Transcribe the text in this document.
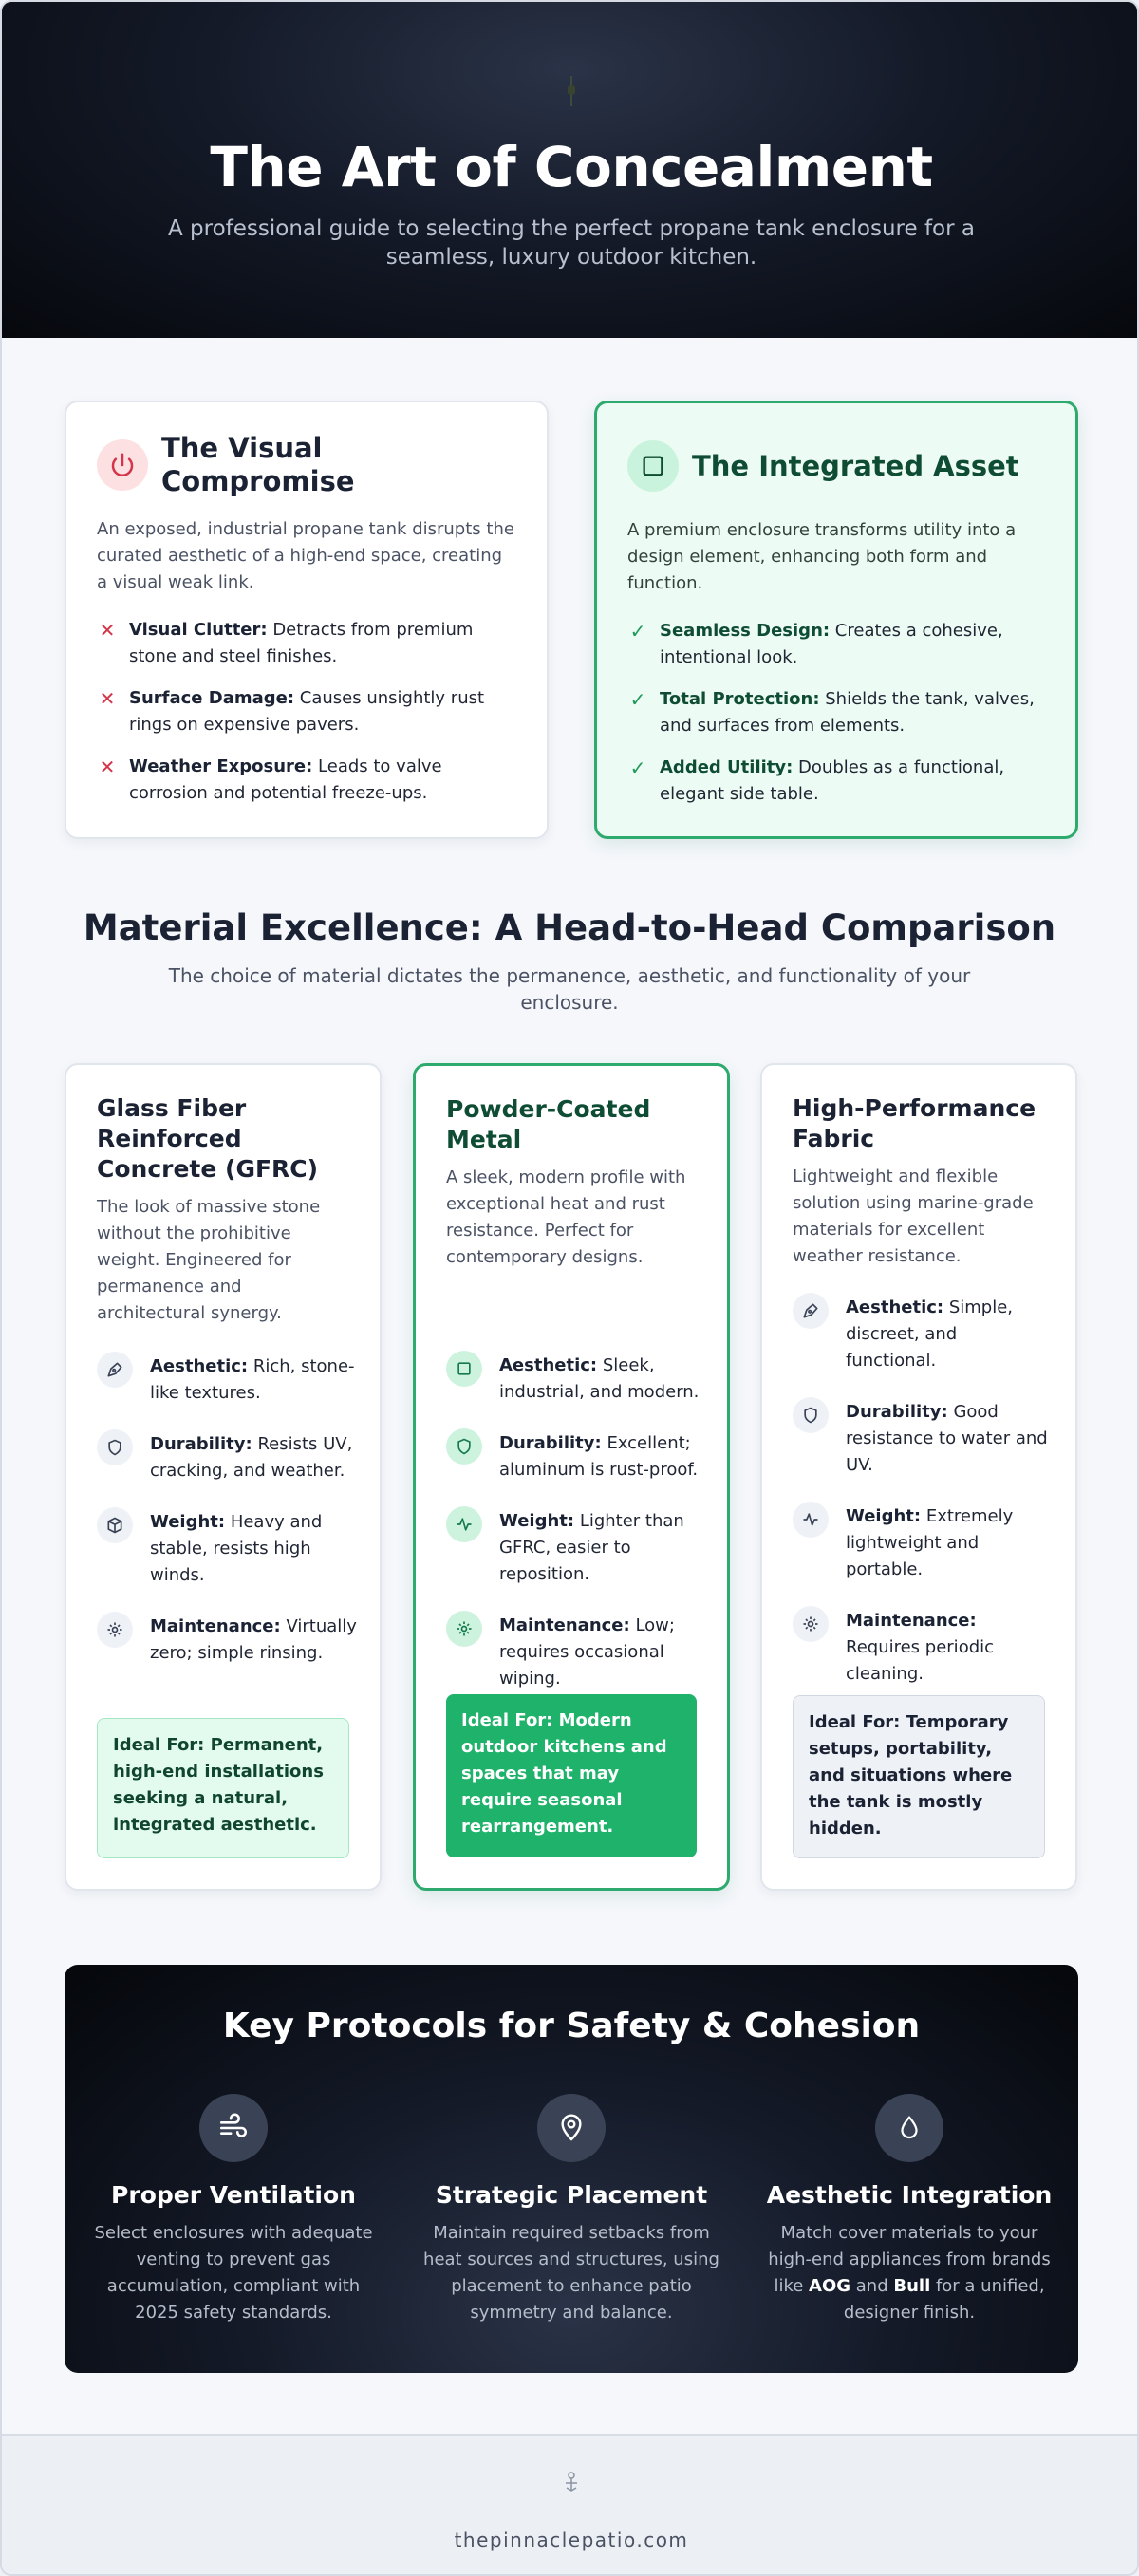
The Art of Concealment

A professional guide to selecting the perfect propane tank enclosure for a seamless, luxury outdoor kitchen.

The Visual Compromise

An exposed, industrial propane tank disrupts the curated aesthetic of a high-end space, creating a visual weak link.

✕ Visual Clutter: Detracts from premium stone and steel finishes.
✕ Surface Damage: Causes unsightly rust rings on expensive pavers.
✕ Weather Exposure: Leads to valve corrosion and potential freeze-ups.
The Integrated Asset

A premium enclosure transforms utility into a design element, enhancing both form and function.

✓ Seamless Design: Creates a cohesive, intentional look.
✓ Total Protection: Shields the tank, valves, and surfaces from elements.
✓ Added Utility: Doubles as a functional, elegant side table.
Material Excellence: A Head-to-Head Comparison

The choice of material dictates the permanence, aesthetic, and functionality of your enclosure.

Glass Fiber Reinforced Concrete (GFRC)

The look of massive stone without the prohibitive weight. Engineered for permanence and architectural synergy.

Aesthetic: Rich, stone-like textures.
Durability: Resists UV, cracking, and weather.
Weight: Heavy and stable, resists high winds.
Maintenance: Virtually zero; simple rinsing.
Ideal For: Permanent, high-end installations seeking a natural, integrated aesthetic.
Powder-Coated Metal

A sleek, modern profile with exceptional heat and rust resistance. Perfect for contemporary designs.

Aesthetic: Sleek, industrial, and modern.
Durability: Excellent; aluminum is rust-proof.
Weight: Lighter than GFRC, easier to reposition.
Maintenance: Low; requires occasional wiping.
Ideal For: Modern outdoor kitchens and spaces that may require seasonal rearrangement.
High-Performance Fabric

Lightweight and flexible solution using marine-grade materials for excellent weather resistance.

Aesthetic: Simple, discreet, and functional.
Durability: Good resistance to water and UV.
Weight: Extremely lightweight and portable.
Maintenance: Requires periodic cleaning.
Ideal For: Temporary setups, portability, and situations where the tank is mostly hidden.
Key Protocols for Safety & Cohesion
Proper Ventilation

Select enclosures with adequate venting to prevent gas accumulation, compliant with 2025 safety standards.

Strategic Placement

Maintain required setbacks from heat sources and structures, using placement to enhance patio symmetry and balance.

Aesthetic Integration

Match cover materials to your high-end appliances from brands like AOG and Bull for a unified, designer finish.

thepinnaclepatio.com
